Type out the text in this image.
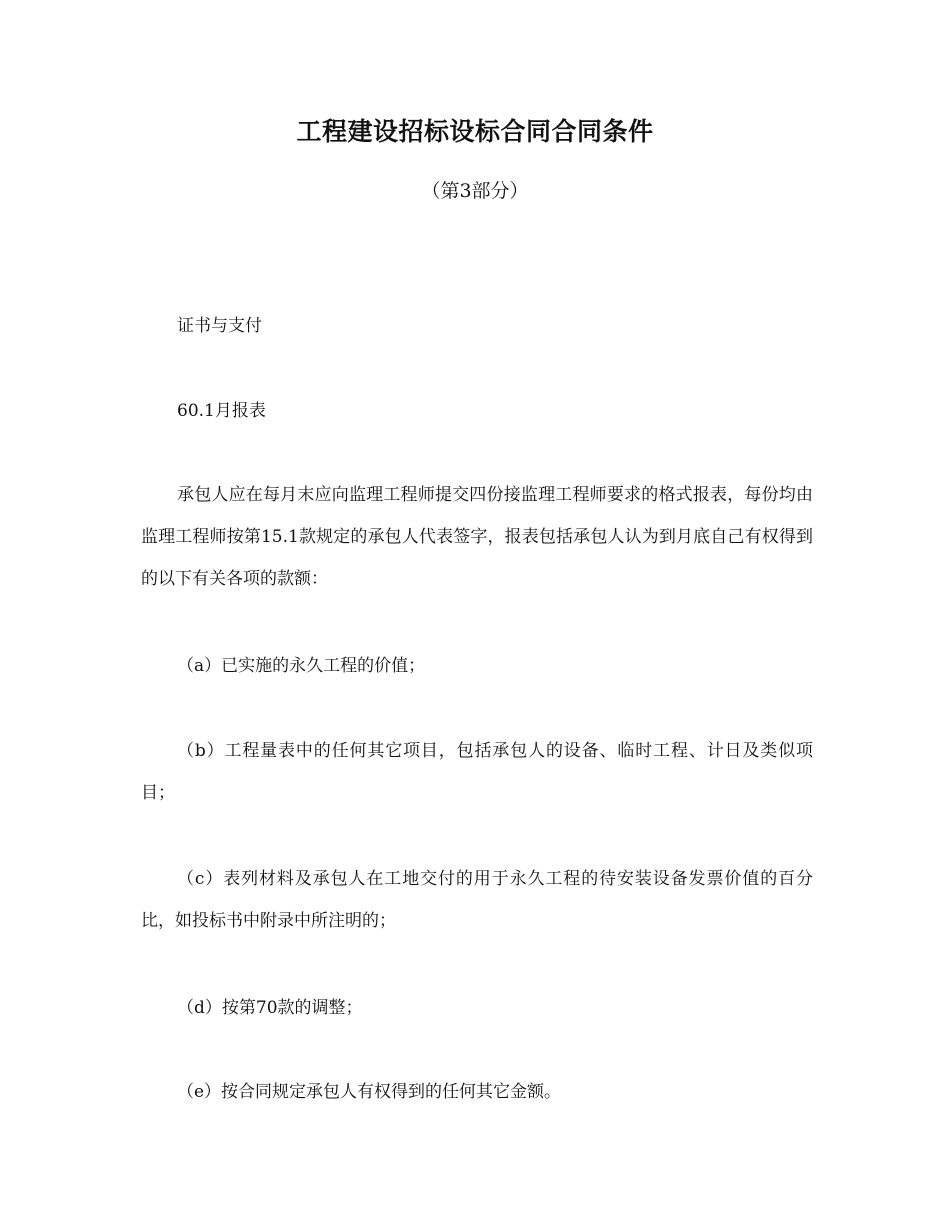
工程建设招标设标合同合同条件
（第3部分）

证书与支付

60.1月报表

承包人应在每月末应向监理工程师提交四份接监理工程师要求的格式报表，每份均由监理工程师按第15.1款规定的承包人代表签字，报表包括承包人认为到月底自己有权得到的以下有关各项的款额：

（a）已实施的永久工程的价值；

（b）工程量表中的任何其它项目，包括承包人的设备、临时工程、计日及类似项目；

（c）表列材料及承包人在工地交付的用于永久工程的待安装设备发票价值的百分比，如投标书中附录中所注明的；

（d）按第70款的调整；

（e）按合同规定承包人有权得到的任何其它金额。
